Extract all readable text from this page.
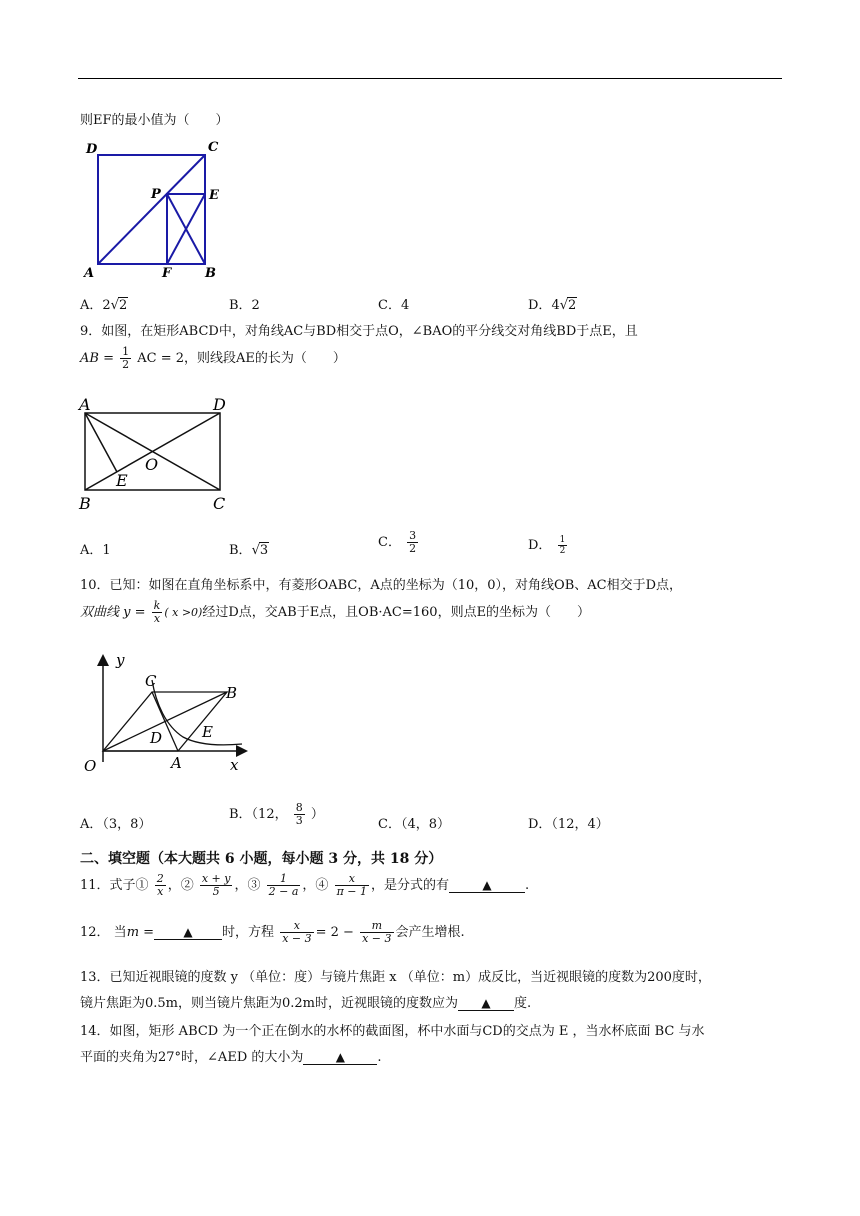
则EF的最小值为（　　）
D	C
P	E
A	F	B
A．2√2	B．2	C．4	D．4√2
9．如图，在矩形ABCD中，对角线AC与BD相交于点O，∠BAO的平分线交对角线BD于点E，且
AB = $\frac{1}{2}$ AC = 2，则线段AE的长为（　　）
A	D
O
E
B	C
A．1	B．√3
C． $\frac{3}{2}$	D． $\frac{1}{2}$
10．已知：如图在直角坐标系中，有菱形OABC，A点的坐标为（10，0），对角线OB、AC相交于D点，
双曲线 $y = \frac{k}{x}$ ( x >0)经过D点，交AB于E点，且OB·AC=160，则点E的坐标为（　　）
y
C
B
D	E
O	A	x
A．（3，8）
B．（12， $\frac{8}{3}$ ）
C．（4，8）	D．（12，4）
二、填空题（本大题共 6 小题，每小题 3 分，共 18 分）
11．式子① $\frac{2}{x}$ ，② $\frac{x + y}{5}$ ，③ $\frac{1}{2 - a}$ ，④ $\frac{x}{\pi - 1}$ ，是分式的有	▲	.
12． 当m = ▲ 时，方程 $\frac{x}{x - 3} = 2 - \frac{m}{x - 3}$ 会产生增根.
13．已知近视眼镜的度数 y （单位：度）与镜片焦距 x （单位：m）成反比，当近视眼镜的度数为200度时，
镜片焦距为0.5m，则当镜片焦距为0.2m时，近视眼镜的度数应为 ▲ 度.
14．如图，矩形 ABCD 为一个正在倒水的水杯的截面图，杯中水面与CD的交点为 E ，当水杯底面 BC 与水
平面的夹角为27°时，∠AED 的大小为	▲ .
